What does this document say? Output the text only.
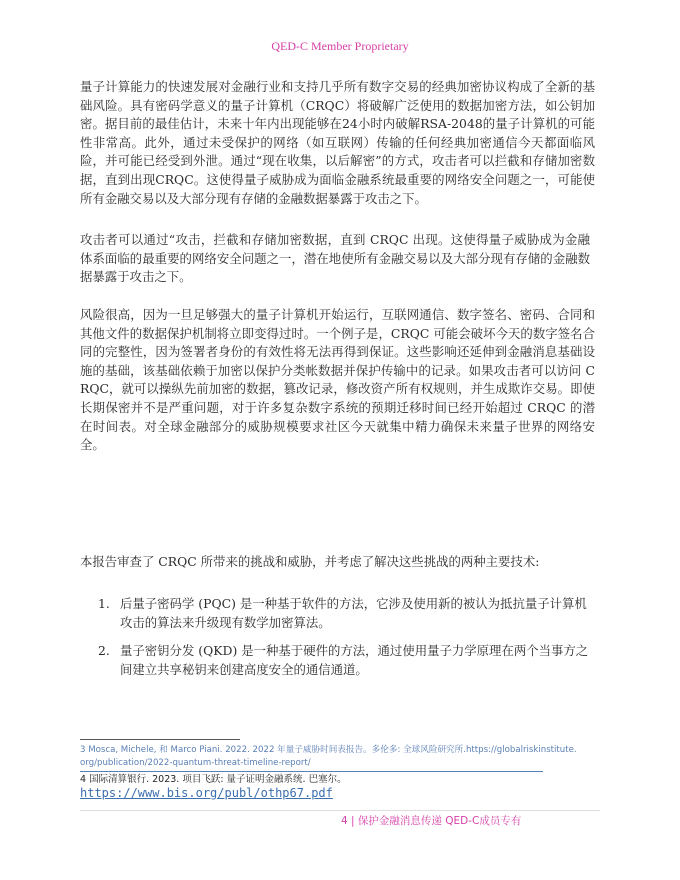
QED-C Member Proprietary

量子计算能力的快速发展对金融行业和支持几乎所有数字交易的经典加密协议构成了全新的基础风险。具有密码学意义的量子计算机（CRQC）将破解广泛使用的数据加密方法，如公钥加密。据目前的最佳估计，未来十年内出现能够在24小时内破解RSA-2048的量子计算机的可能性非常高。此外，通过未受保护的网络（如互联网）传输的任何经典加密通信今天都面临风险，并可能已经受到外泄。通过“现在收集，以后解密”的方式，攻击者可以拦截和存储加密数据，直到出现CRQC。这使得量子威胁成为面临金融系统最重要的网络安全问题之一，可能使所有金融交易以及大部分现有存储的金融数据暴露于攻击之下。

攻击者可以通过“攻击，拦截和存储加密数据，直到 CRQC 出现。这使得量子威胁成为金融体系面临的最重要的网络安全问题之一，潜在地使所有金融交易以及大部分现有存储的金融数据暴露于攻击之下。

风险很高，因为一旦足够强大的量子计算机开始运行，互联网通信、数字签名、密码、合同和其他文件的数据保护机制将立即变得过时。一个例子是，CRQC 可能会破坏今天的数字签名合同的完整性，因为签署者身份的有效性将无法再得到保证。这些影响还延伸到金融消息基础设施的基础，该基础依赖于加密以保护分类帐数据并保护传输中的记录。如果攻击者可以访问 CRQC，就可以操纵先前加密的数据，篡改记录，修改资产所有权规则，并生成欺诈交易。即使长期保密并不是严重问题，对于许多复杂数字系统的预期迁移时间已经开始超过 CRQC 的潜在时间表。对全球金融部分的威胁规模要求社区今天就集中精力确保未来量子世界的网络安全。

本报告审查了 CRQC 所带来的挑战和威胁，并考虑了解决这些挑战的两种主要技术:

1. 后量子密码学 (PQC) 是一种基于软件的方法，它涉及使用新的被认为抵抗量子计算机攻击的算法来升级现有数学加密算法。
2. 量子密钥分发 (QKD) 是一种基于硬件的方法，通过使用量子力学原理在两个当事方之间建立共享秘钥来创建高度安全的通信通道。
3 Mosca, Michele, 和 Marco Piani. 2022. 2022 年量子威胁时间表报告。多伦多: 全球风险研究所.https://globalriskinstitute.org/publication/2022-quantum-threat-timeline-report/
4 国际清算银行. 2023. 项目飞跃: 量子证明金融系统. 巴塞尔。
https://www.bis.org/publ/othp67.pdf
4 | 保护金融消息传递 QED-C成员专有
